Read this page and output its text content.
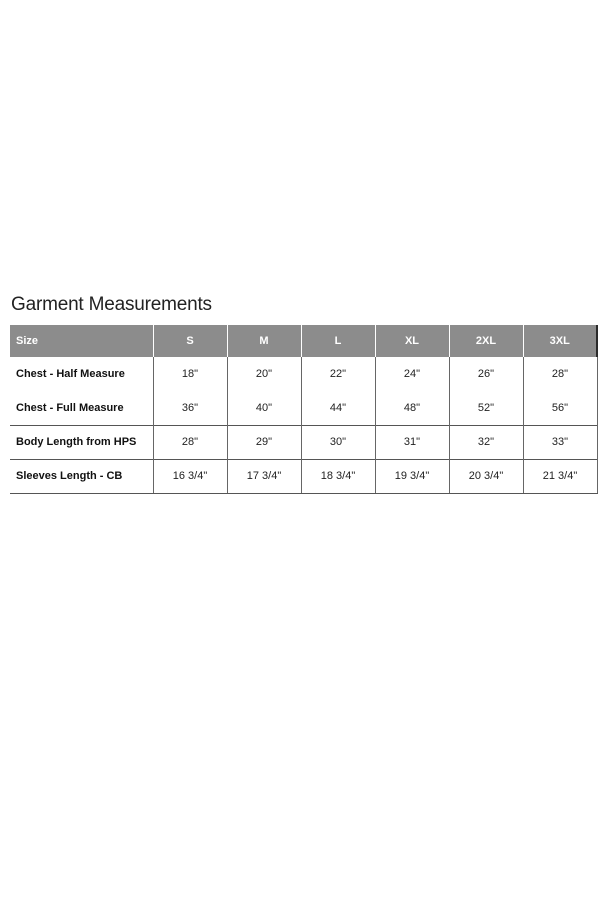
Garment Measurements
Size	S	M	L	XL	2XL	3XL
Chest - Half Measure	18"	20"	22"	24"	26"	28"
Chest - Full Measure	36"	40"	44"	48"	52"	56"
Body Length from HPS	28"	29"	30"	31"	32"	33"
Sleeves Length - CB	16 3/4"	17 3/4"	18 3/4"	19 3/4"	20 3/4"	21 3/4"
